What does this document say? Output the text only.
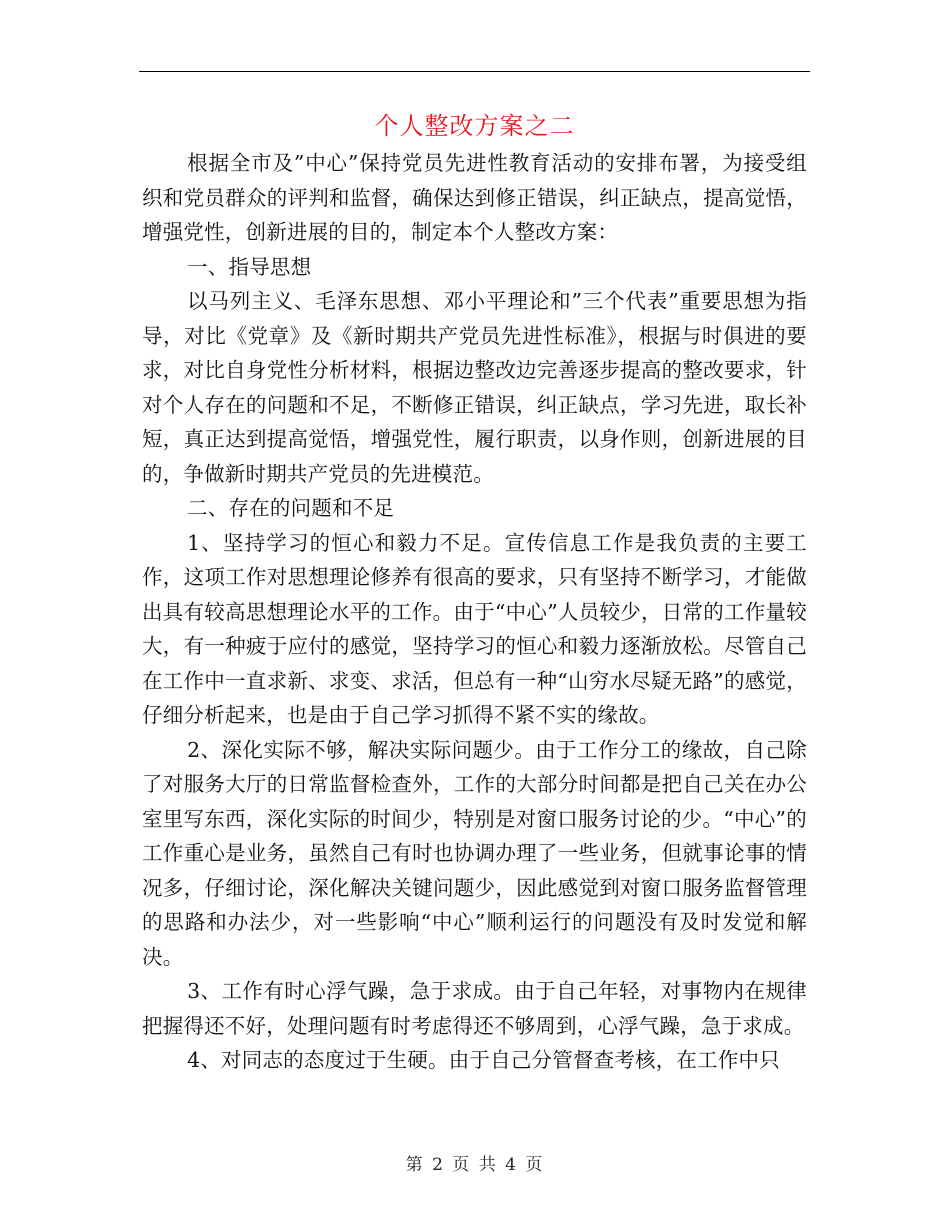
个人整改方案之二

根据全市及”中心”保持党员先进性教育活动的安排布署，为接受组织和党员群众的评判和监督，确保达到修正错误，纠正缺点，提高觉悟，增强党性，创新进展的目的，制定本个人整改方案：

一、指导思想

以马列主义、毛泽东思想、邓小平理论和”三个代表”重要思想为指导，对比《党章》及《新时期共产党员先进性标准》，根据与时俱进的要求，对比自身党性分析材料，根据边整改边完善逐步提高的整改要求，针对个人存在的问题和不足，不断修正错误，纠正缺点，学习先进，取长补短，真正达到提高觉悟，增强党性，履行职责，以身作则，创新进展的目的，争做新时期共产党员的先进模范。

二、存在的问题和不足

1、坚持学习的恒心和毅力不足。宣传信息工作是我负责的主要工作，这项工作对思想理论修养有很高的要求，只有坚持不断学习，才能做出具有较高思想理论水平的工作。由于“中心”人员较少，日常的工作量较大，有一种疲于应付的感觉，坚持学习的恒心和毅力逐渐放松。尽管自己在工作中一直求新、求变、求活，但总有一种“山穷水尽疑无路”的感觉，仔细分析起来，也是由于自己学习抓得不紧不实的缘故。

2、深化实际不够，解决实际问题少。由于工作分工的缘故，自己除了对服务大厅的日常监督检查外，工作的大部分时间都是把自己关在办公室里写东西，深化实际的时间少，特别是对窗口服务讨论的少。“中心”的工作重心是业务，虽然自己有时也协调办理了一些业务，但就事论事的情况多，仔细讨论，深化解决关键问题少，因此感觉到对窗口服务监督管理的思路和办法少，对一些影响“中心”顺利运行的问题没有及时发觉和解决。

3、工作有时心浮气躁，急于求成。由于自己年轻，对事物内在规律把握得还不好，处理问题有时考虑得还不够周到，心浮气躁，急于求成。

4、对同志的态度过于生硬。由于自己分管督查考核，在工作中只

第 2 页 共 4 页
